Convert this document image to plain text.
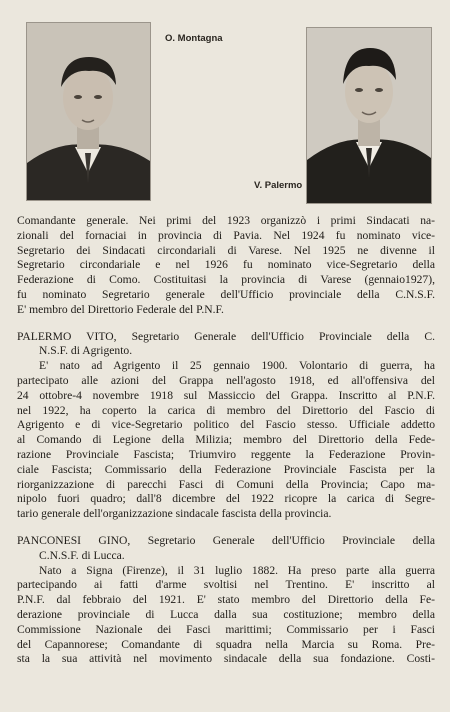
O. Montagna
V. Palermo
Comandante generale. Nei primi del 1923 organizzò i primi Sindacati na-
zionali del fornaciai in provincia di Pavia. Nel 1924 fu nominato vice-
Segretario dei Sindacati circondariali di Varese. Nel 1925 ne divenne il
Segretario circondariale e nel 1926 fu nominato vice-Segretario della
Federazione di Como. Costituitasi la provincia di Varese (gennaio1927),
fu nominato Segretario generale dell'Ufficio provinciale della C.N.S.F.
E' membro del Direttorio Federale del P.N.F.
PALERMO VITO, Segretario Generale dell'Ufficio Provinciale della C.
N.S.F. di Agrigento.
E' nato ad Agrigento il 25 gennaio 1900. Volontario di guerra, ha
partecipato alle azioni del Grappa nell'agosto 1918, ed all'offensiva del
24 ottobre-4 novembre 1918 sul Massiccio del Grappa. Inscritto al P.N.F.
nel 1922, ha coperto la carica di membro del Direttorio del Fascio di
Agrigento e di vice-Segretario politico del Fascio stesso. Ufficiale addetto
al Comando di Legione della Milizia; membro del Direttorio della Fede-
razione Provinciale Fascista; Triumviro reggente la Federazione Provin-
ciale Fascista; Commissario della Federazione Provinciale Fascista per la
riorganizzazione di parecchi Fasci di Comuni della Provincia; Capo ma-
nipolo fuori quadro; dall'8 dicembre del 1922 ricopre la carica di Segre-
tario generale dell'organizzazione sindacale fascista della provincia.
PANCONESI GINO, Segretario Generale dell'Ufficio Provinciale della
C.N.S.F. di Lucca.
Nato a Signa (Firenze), il 31 luglio 1882. Ha preso parte alla guerra
partecipando ai fatti d'arme svoltisi nel Trentino. E' inscritto al
P.N.F. dal febbraio del 1921. E' stato membro del Direttorio della Fe-
derazione provinciale di Lucca dalla sua costituzione; membro della
Commissione Nazionale dei Fasci marittimi; Commissario per i Fasci
del Capannorese; Comandante di squadra nella Marcia su Roma. Pre-
sta la sua attività nel movimento sindacale della sua fondazione. Costi-
